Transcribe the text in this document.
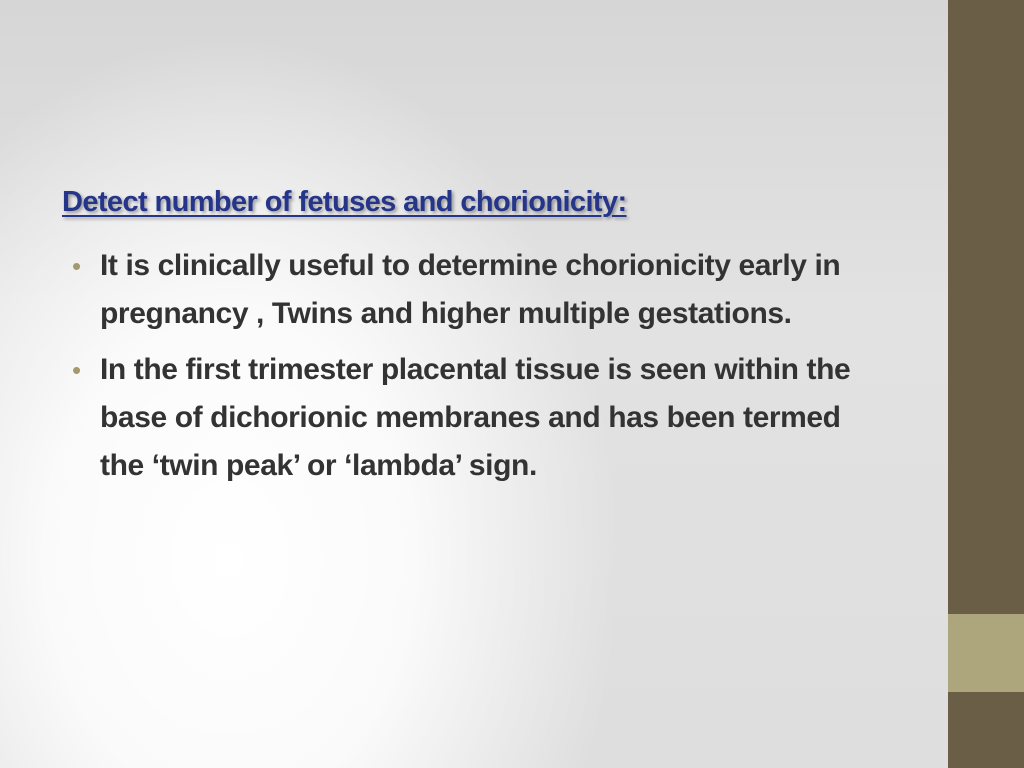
Detect number of fetuses and chorionicity:
• It is clinically useful to determine chorionicity early in pregnancy , Twins and higher multiple gestations.
• In the first trimester placental tissue is seen within the base of dichorionic membranes and has been termed the ‘twin peak’ or ‘lambda’ sign.
